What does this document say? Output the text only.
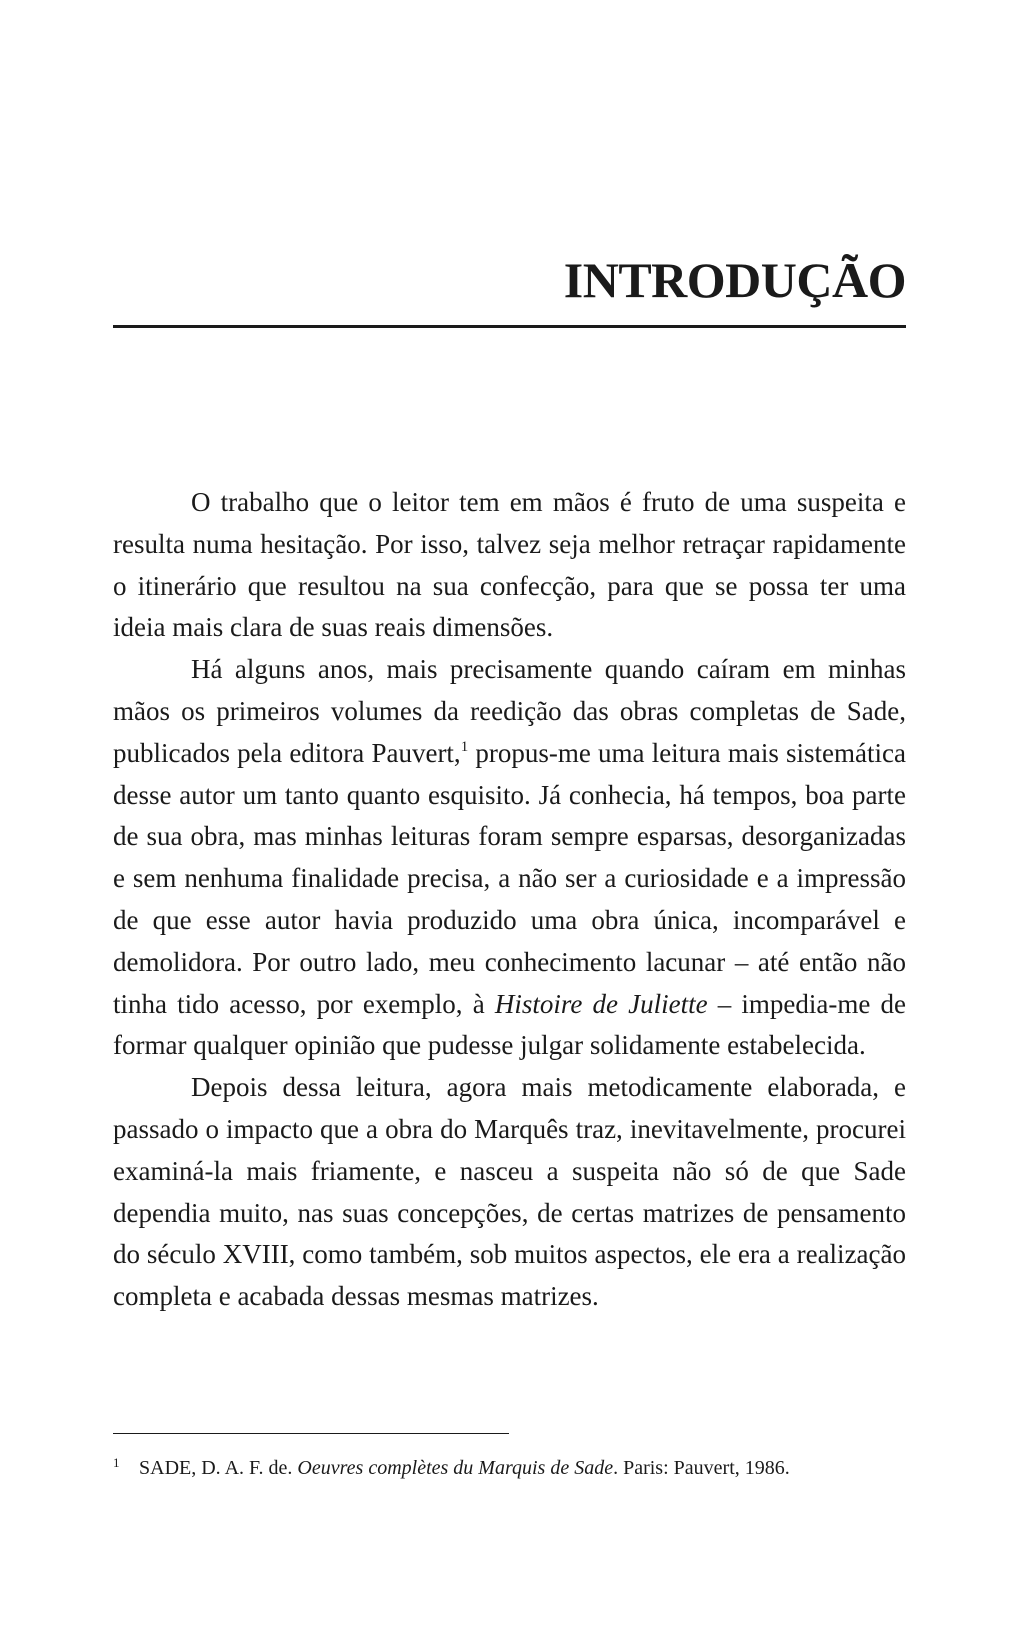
INTRODUÇÃO

O trabalho que o leitor tem em mãos é fruto de uma suspeita e resulta numa hesitação. Por isso, talvez seja melhor retraçar rapidamente o itinerário que resultou na sua confecção, para que se possa ter uma ideia mais clara de suas reais dimensões.

Há alguns anos, mais precisamente quando caíram em minhas mãos os primeiros volumes da reedição das obras completas de Sade, publicados pela editora Pauvert,$^1$ propus-me uma leitura mais sistemática desse autor um tanto quanto esquisito. Já conhecia, há tempos, boa parte de sua obra, mas minhas leituras foram sempre esparsas, desorganizadas e sem nenhuma finalidade precisa, a não ser a curiosidade e a impressão de que esse autor havia produzido uma obra única, incomparável e demolidora. Por outro lado, meu conhecimento lacunar – até então não tinha tido acesso, por exemplo, à Histoire de Juliette – impedia-me de formar qualquer opinião que pudesse julgar solidamente estabelecida.

Depois dessa leitura, agora mais metodicamente elaborada, e passado o impacto que a obra do Marquês traz, inevitavelmente, procurei examiná-la mais friamente, e nasceu a suspeita não só de que Sade dependia muito, nas suas concepções, de certas matrizes de pensamento do século XVIII, como também, sob muitos aspectos, ele era a realização completa e acabada dessas mesmas matrizes.

1 SADE, D. A. F. de. Oeuvres complètes du Marquis de Sade. Paris: Pauvert, 1986.
